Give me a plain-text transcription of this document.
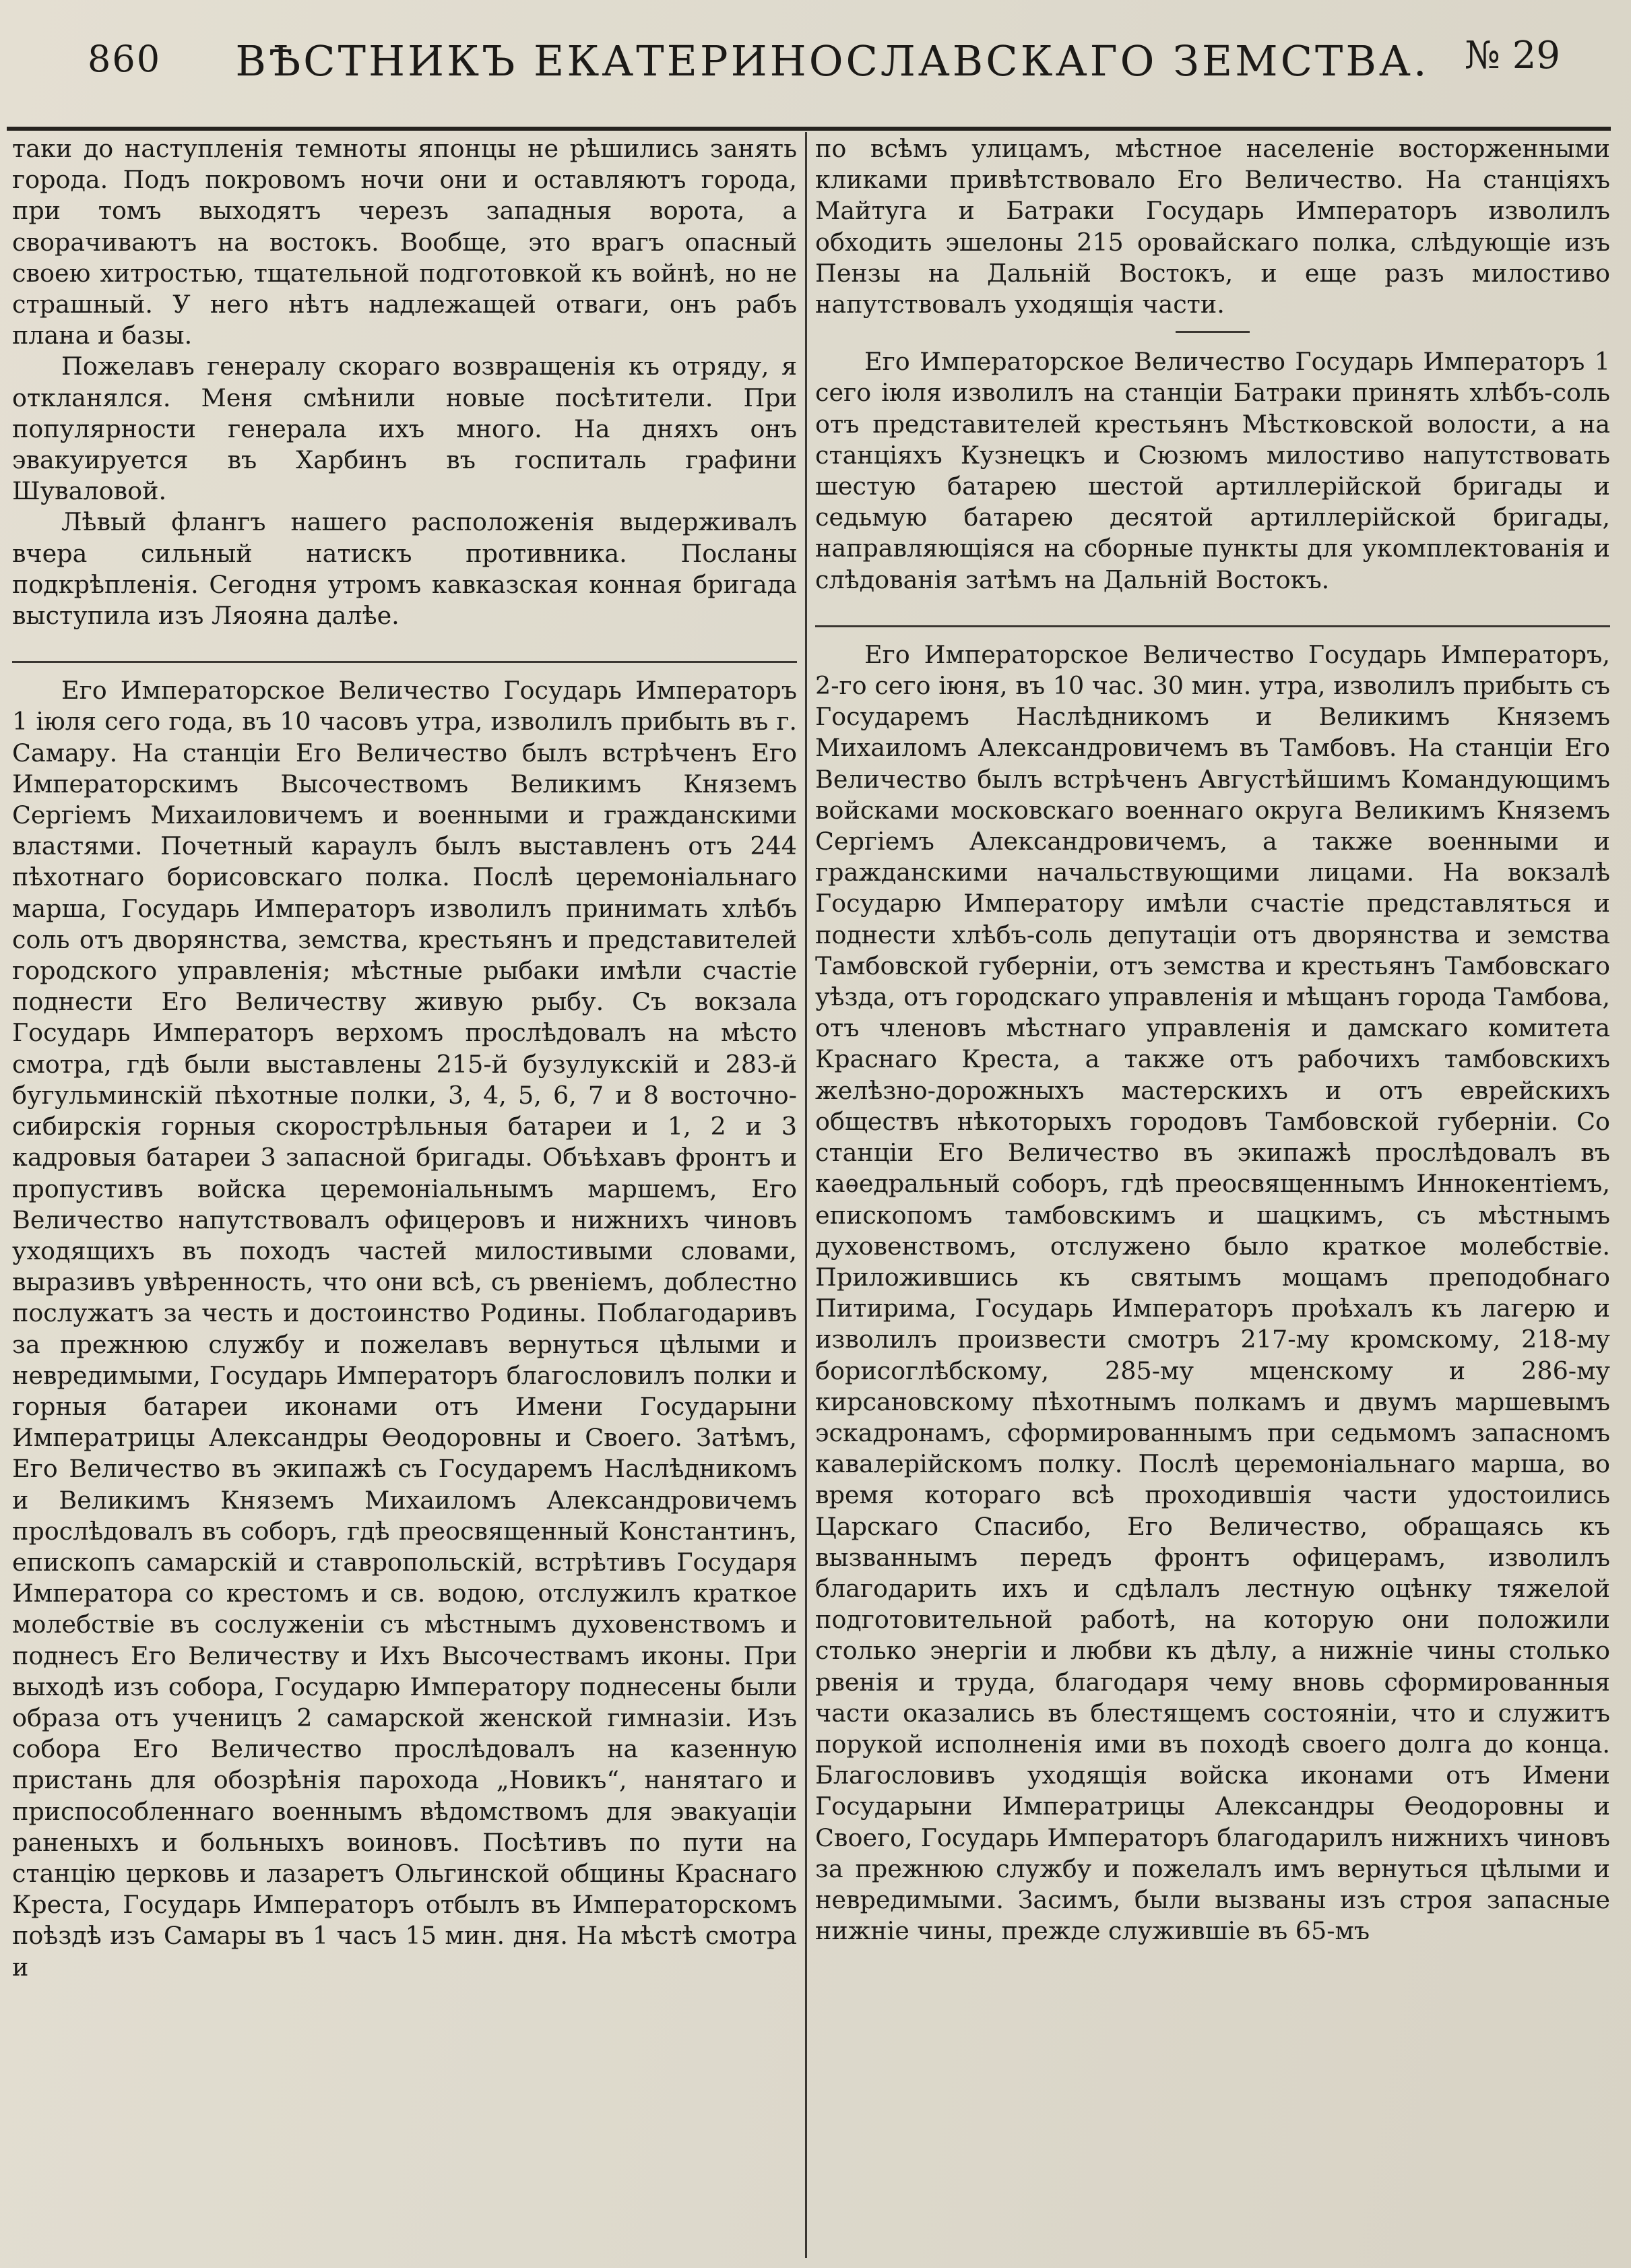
860	ВѢСТНИКЪ ЕКАТЕРИНОСЛАВСКАГО ЗЕМСТВА. № 29

таки до наступленія темноты японцы не рѣшились занять города. Подъ покровомъ ночи они и оставляютъ города, при томъ выходятъ черезъ западныя ворота, а сворачиваютъ на востокъ. Вообще, это врагъ опасный своею хитростью, тщательной подготовкой къ войнѣ, но не страшный. У него нѣтъ надлежащей отваги, онъ рабъ плана и базы.

Пожелавъ генералу скораго возвращенія къ отряду, я откланялся. Меня смѣнили новые посѣтители. При популярности генерала ихъ много. На дняхъ онъ эвакуируется въ Харбинъ въ госпиталь графини Шуваловой.

Лѣвый флангъ нашего расположенія выдерживалъ вчера сильный натискъ противника. Посланы подкрѣпленія. Сегодня утромъ кавказская конная бригада выступила изъ Ляояна далѣе.

Его Императорское Величество Государь Императоръ 1 іюля сего года, въ 10 часовъ утра, изволилъ прибыть въ г. Самару. На станціи Его Величество былъ встрѣченъ Его Императорскимъ Высочествомъ Великимъ Княземъ Сергіемъ Михаиловичемъ и военными и гражданскими властями. Почетный караулъ былъ выставленъ отъ 244 пѣхотнаго борисовскаго полка. Послѣ церемоніальнаго марша, Государь Императоръ изволилъ принимать хлѣбъ соль отъ дворянства, земства, крестьянъ и представителей городского управленія; мѣстные рыбаки имѣли счастіе поднести Его Величеству живую рыбу. Съ вокзала Государь Императоръ верхомъ прослѣдовалъ на мѣсто смотра, гдѣ были выставлены 215-й бузулукскій и 283-й бугульминскій пѣхотные полки, 3, 4, 5, 6, 7 и 8 восточно-сибирскія горныя скорострѣльныя батареи и 1, 2 и 3 кадровыя батареи 3 запасной бригады. Объѣхавъ фронтъ и пропустивъ войска церемоніальнымъ маршемъ, Его Величество напутствовалъ офицеровъ и нижнихъ чиновъ уходящихъ въ походъ частей милостивыми словами, выразивъ увѣренность, что они всѣ, съ рвеніемъ, доблестно послужатъ за честь и достоинство Родины. Поблагодаривъ за прежнюю службу и пожелавъ вернуться цѣлыми и невредимыми, Государь Императоръ благословилъ полки и горныя батареи иконами отъ Имени Государыни Императрицы Александры Ѳеодоровны и Своего. Затѣмъ, Его Величество въ экипажѣ съ Государемъ Наслѣдникомъ и Великимъ Княземъ Михаиломъ Александровичемъ прослѣдовалъ въ соборъ, гдѣ преосвященный Константинъ, епископъ самарскій и ставропольскій, встрѣтивъ Государя Императора со крестомъ и св. водою, отслужилъ краткое молебствіе въ сослуженіи съ мѣстнымъ духовенствомъ и поднесъ Его Величеству и Ихъ Высочествамъ иконы. При выходѣ изъ собора, Государю Императору поднесены были образа отъ ученицъ 2 самарской женской гимназіи. Изъ собора Его Величество прослѣдовалъ на казенную пристань для обозрѣнія парохода „Новикъ“, нанятаго и приспособленнаго военнымъ вѣдомствомъ для эвакуаціи раненыхъ и больныхъ воиновъ. Посѣтивъ по пути на станцію церковь и лазаретъ Ольгинской общины Краснаго Креста, Государь Императоръ отбылъ въ Императорскомъ поѣздѣ изъ Самары въ 1 часъ 15 мин. дня. На мѣстѣ смотра и

по всѣмъ улицамъ, мѣстное населеніе восторженными кликами привѣтствовало Его Величество. На станціяхъ Майтуга и Батраки Государь Императоръ изволилъ обходить эшелоны 215 оровайскаго полка, слѣдующіе изъ Пензы на Дальній Востокъ, и еще разъ милостиво напутствовалъ уходящія части.

Его Императорское Величество Государь Императоръ 1 сего іюля изволилъ на станціи Батраки принять хлѣбъ-соль отъ представителей крестьянъ Мѣстковской волости, а на станціяхъ Кузнецкъ и Сюзюмъ милостиво напутствовать шестую батарею шестой артиллерійской бригады и седьмую батарею десятой артиллерійской бригады, направляющіяся на сборные пункты для укомплектованія и слѣдованія затѣмъ на Дальній Востокъ.

Его Императорское Величество Государь Императоръ, 2-го сего іюня, въ 10 час. 30 мин. утра, изволилъ прибыть съ Государемъ Наслѣдникомъ и Великимъ Княземъ Михаиломъ Александровичемъ въ Тамбовъ. На станціи Его Величество былъ встрѣченъ Августѣйшимъ Командующимъ войсками московскаго военнаго округа Великимъ Княземъ Сергіемъ Александровичемъ, а также военными и гражданскими начальствующими лицами. На вокзалѣ Государю Императору имѣли счастіе представляться и поднести хлѣбъ-соль депутаціи отъ дворянства и земства Тамбовской губерніи, отъ земства и крестьянъ Тамбовскаго уѣзда, отъ городскаго управленія и мѣщанъ города Тамбова, отъ членовъ мѣстнаго управленія и дамскаго комитета Краснаго Креста, а также отъ рабочихъ тамбовскихъ желѣзно-дорожныхъ мастерскихъ и отъ еврейскихъ обществъ нѣкоторыхъ городовъ Тамбовской губерніи. Со станціи Его Величество въ экипажѣ прослѣдовалъ въ каѳедральный соборъ, гдѣ преосвященнымъ Иннокентіемъ, епископомъ тамбовскимъ и шацкимъ, съ мѣстнымъ духовенствомъ, отслужено было краткое молебствіе. Приложившись къ святымъ мощамъ преподобнаго Питирима, Государь Императоръ проѣхалъ къ лагерю и изволилъ произвести смотръ 217-му кромскому, 218-му борисоглѣбскому, 285-му мценскому и 286-му кирсановскому пѣхотнымъ полкамъ и двумъ маршевымъ эскадронамъ, сформированнымъ при седьмомъ запасномъ кавалерійскомъ полку. Послѣ церемоніальнаго марша, во время котораго всѣ проходившія части удостоились Царскаго Спасибо, Его Величество, обращаясь къ вызваннымъ передъ фронтъ офицерамъ, изволилъ благодарить ихъ и сдѣлалъ лестную оцѣнку тяжелой подготовительной работѣ, на которую они положили столько энергіи и любви къ дѣлу, а нижніе чины столько рвенія и труда, благодаря чему вновь сформированныя части оказались въ блестящемъ состояніи, что и служитъ порукой исполненія ими въ походѣ своего долга до конца. Благословивъ уходящія войска иконами отъ Имени Государыни Императрицы Александры Ѳеодоровны и Своего, Государь Императоръ благодарилъ нижнихъ чиновъ за прежнюю службу и пожелалъ имъ вернуться цѣлыми и невредимыми. Засимъ, были вызваны изъ строя запасные нижніе чины, прежде служившіе въ 65-мъ
